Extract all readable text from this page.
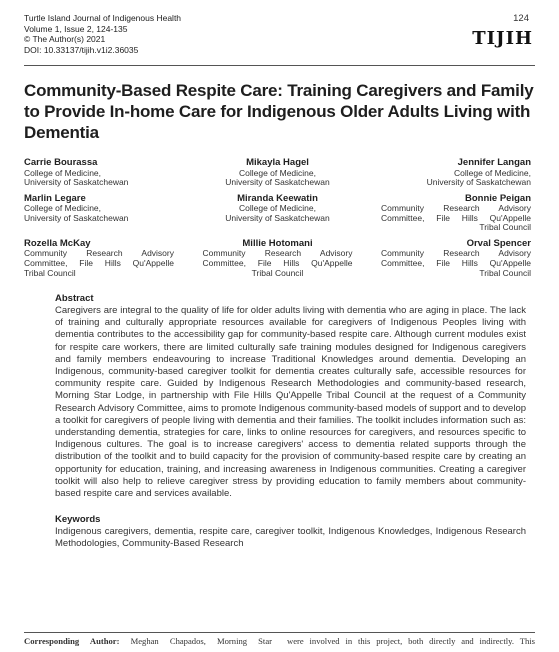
Turtle Island Journal of Indigenous Health
Volume 1, Issue 2, 124-135
© The Author(s) 2021
DOI: 10.33137/tijih.v1i2.36035
124
TIJIH
Community-Based Respite Care: Training Caregivers and Family to Provide In-home Care for Indigenous Older Adults Living with Dementia
Carrie Bourassa
College of Medicine,
University of Saskatchewan
Mikayla Hagel
College of Medicine,
University of Saskatchewan
Jennifer Langan
College of Medicine,
University of Saskatchewan
Marlin Legare
College of Medicine,
University of Saskatchewan
Miranda Keewatin
College of Medicine,
University of Saskatchewan
Bonnie Peigan
Community Research Advisory
Committee, File Hills Qu'Appelle
Tribal Council
Rozella McKay
Community Research Advisory
Committee, File Hills Qu'Appelle
Tribal Council
Millie Hotomani
Community Research Advisory
Committee, File Hills Qu'Appelle
Tribal Council
Orval Spencer
Community Research Advisory
Committee, File Hills Qu'Appelle
Tribal Council
Abstract

Caregivers are integral to the quality of life for older adults living with dementia who are aging in place. The lack of training and culturally appropriate resources available for caregivers of Indigenous Peoples living with dementia contributes to the accessibility gap for community-based respite care. Although current modules exist for respite care workers, there are limited culturally safe training modules designed for Indigenous caregivers and family members endeavouring to increase Traditional Knowledges around dementia. Developing an Indigenous, community-based caregiver toolkit for dementia creates culturally safe, accessible resources for community respite care. Guided by Indigenous Research Methodologies and community-based research, Morning Star Lodge, in partnership with File Hills Qu'Appelle Tribal Council at the request of a Community Research Advisory Committee, aims to promote Indigenous community-based models of support and to develop a toolkit for caregivers of people living with dementia and their families. The toolkit includes information such as: understanding dementia, strategies for care, links to online resources for caregivers, and resources specific to Indigenous cultures. The goal is to increase caregivers' access to dementia related supports through the distribution of the toolkit and to build capacity for the provision of community-based respite care by creating an opportunity for education, training, and increasing awareness in Indigenous communities. Creating a caregiver toolkit will also help to relieve caregiver stress by providing education to family members about community-based respite care and services available.

Keywords

Indigenous caregivers, dementia, respite care, caregiver toolkit, Indigenous Knowledges, Indigenous Research Methodologies, Community-Based Research

Corresponding Author: Meghan Chapados, Morning Star were involved in this project, both directly and indirectly. This
